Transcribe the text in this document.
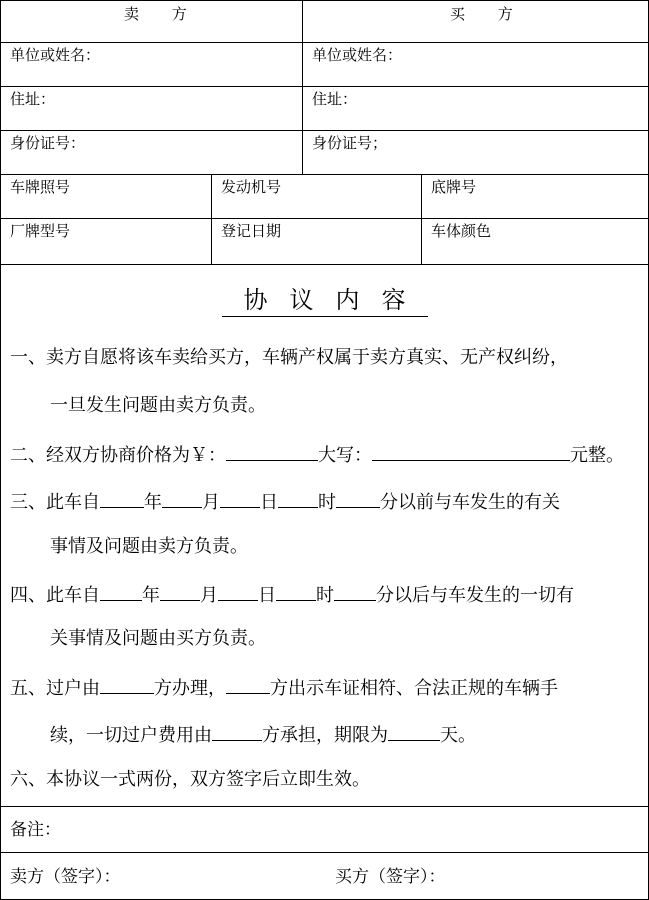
卖 方	买 方
单位或姓名：	单位或姓名：
住址：	住址：
身份证号：	身份证号；
车牌照号	发动机号	底牌号
厂牌型号	登记日期	车体颜色
协议内容
一、卖方自愿将该车卖给买方，车辆产权属于卖方真实、无产权纠纷，
一旦发生问题由卖方负责。
二、经双方协商价格为￥：	大写：	元整。
三、此车自 年 月 日 时 分以前与车发生的有关
事情及问题由卖方负责。
四、此车自 年 月 日 时 分以后与车发生的一切有
关事情及问题由买方负责。
五、过户由	方办理， 方出示车证相符、合法正规的车辆手
续，一切过户费用由	方承担，期限为	天。
六、本协议一式两份，双方签字后立即生效。
备注：
卖方（签字）：	买方（签字）：
